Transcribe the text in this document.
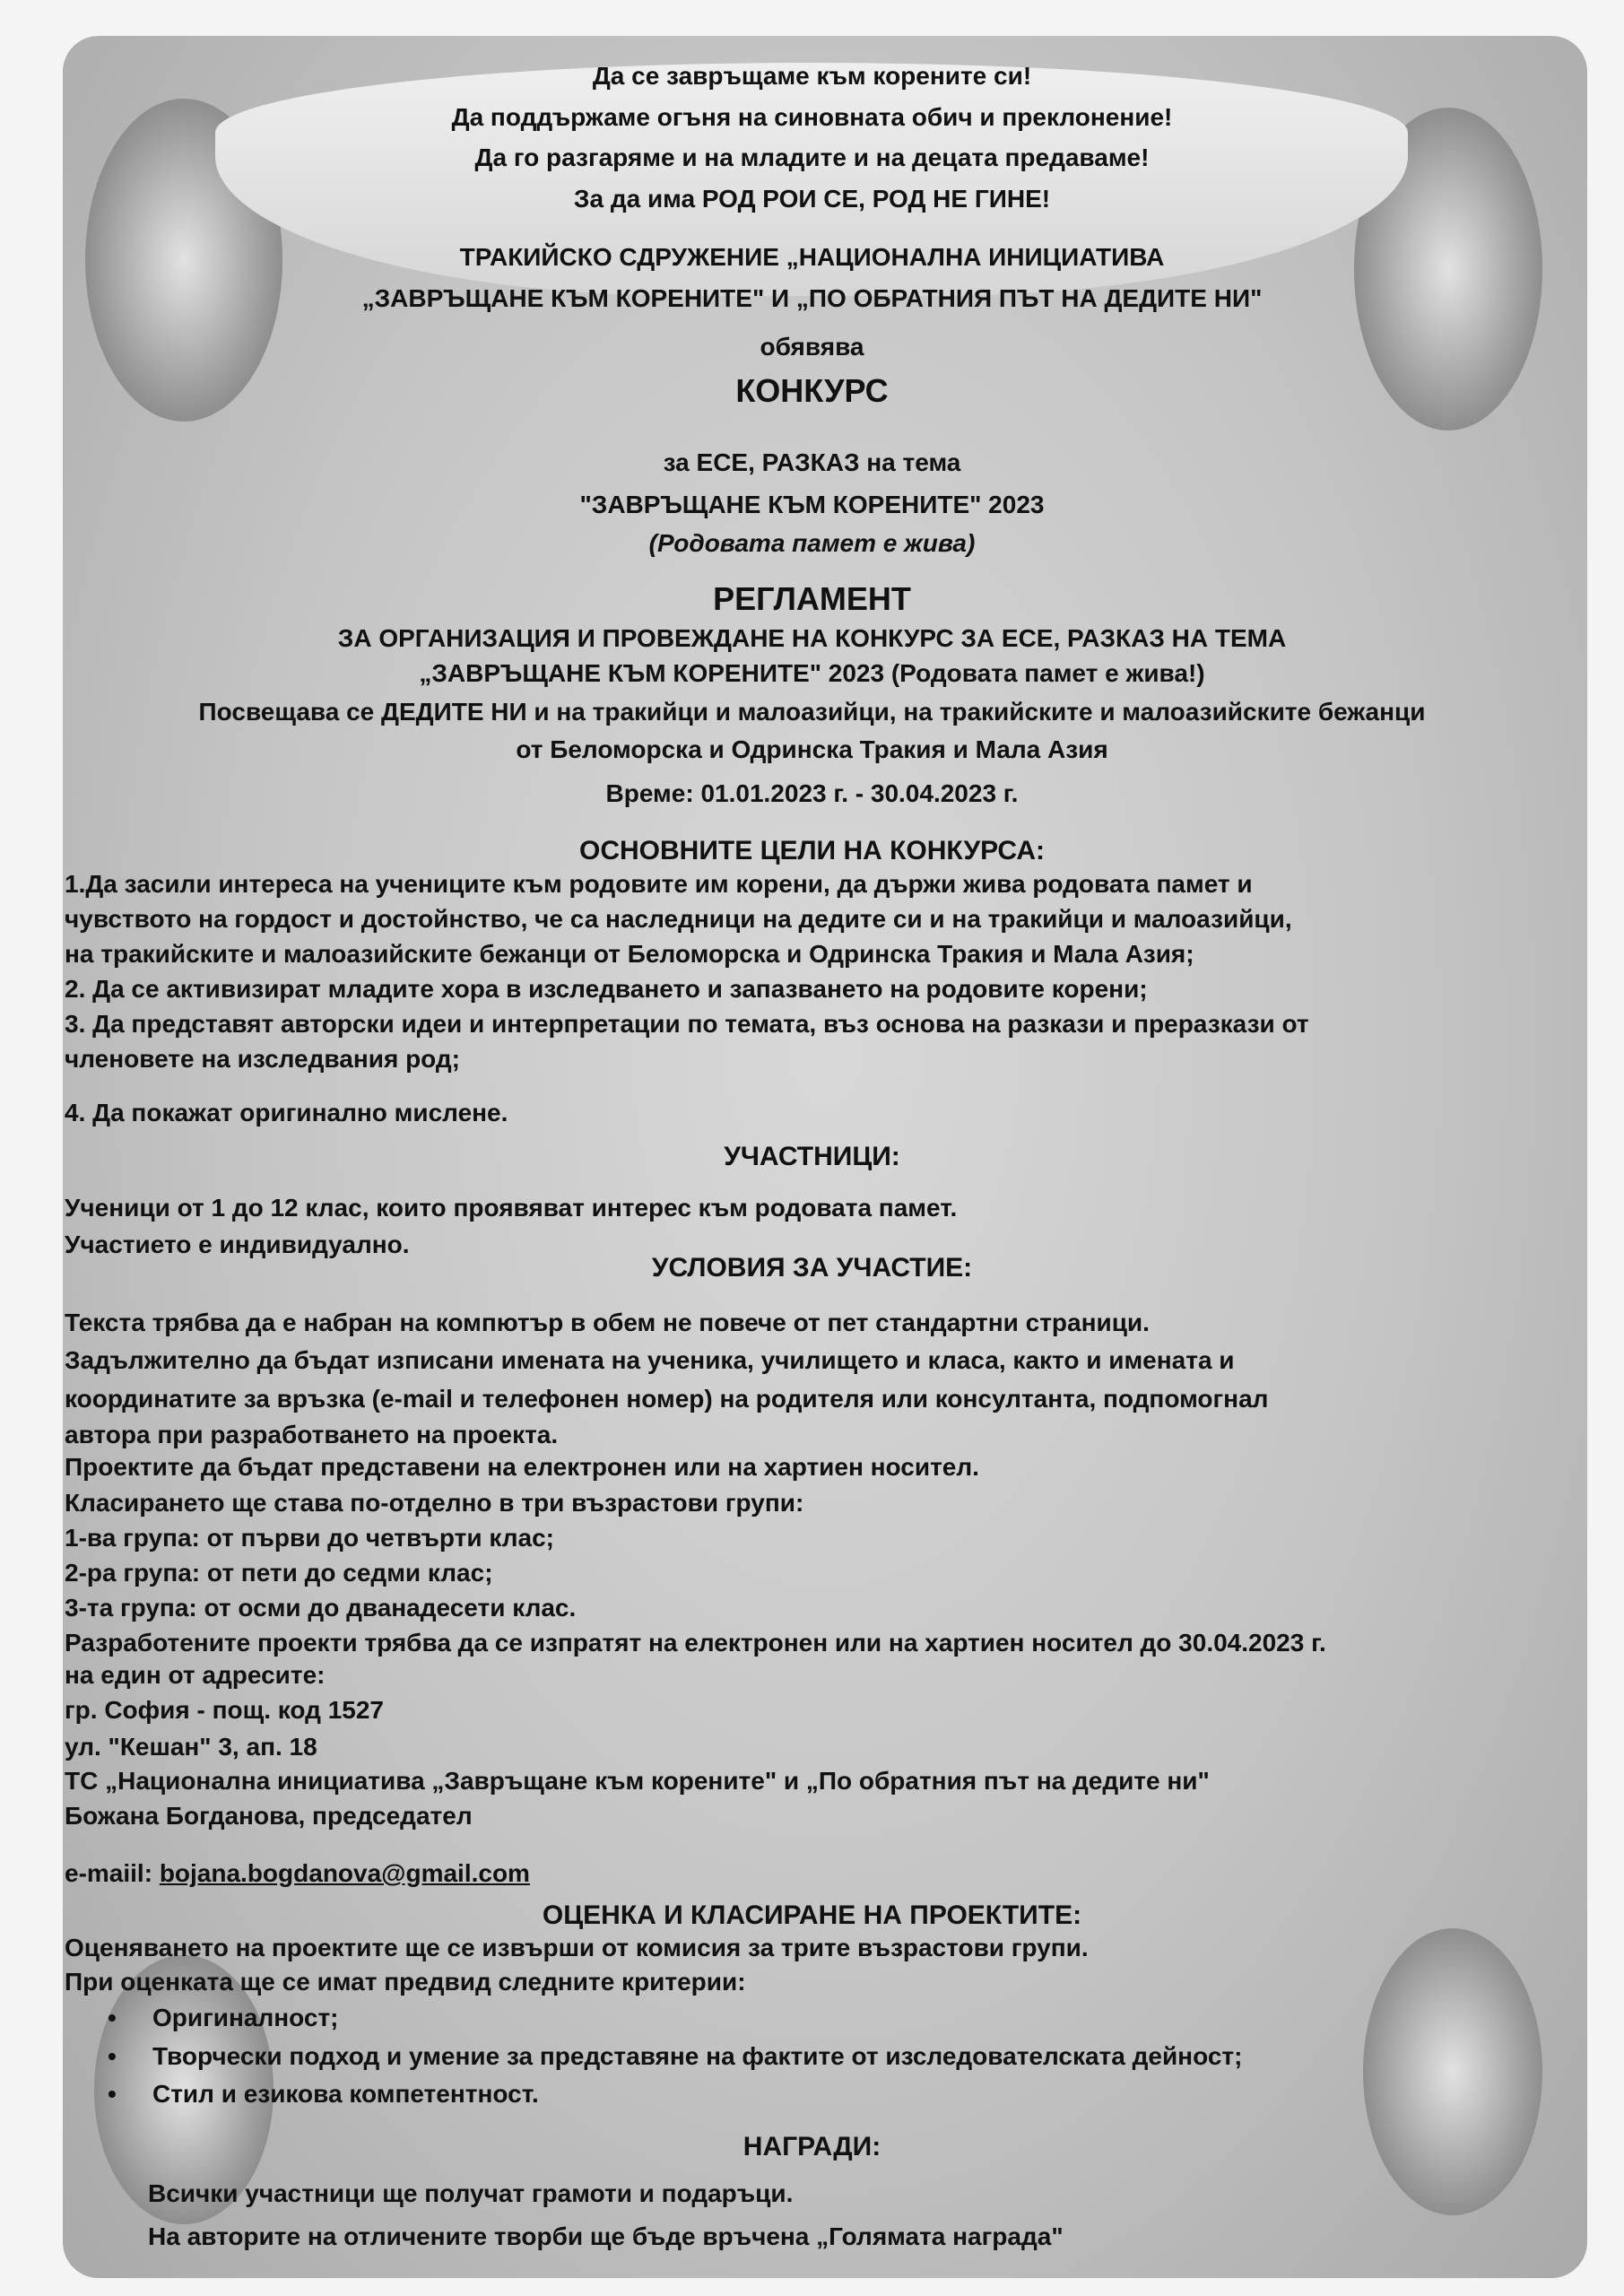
Да се завръщаме към корените си!
Да поддържаме огъня на синовната обич и преклонение!
Да го разгаряме и на младите и на децата предаваме!
За да има РОД РОИ СЕ, РОД НЕ ГИНЕ!
ТРАКИЙСКО СДРУЖЕНИЕ „НАЦИОНАЛНА ИНИЦИАТИВА
„ЗАВРЪЩАНЕ КЪМ КОРЕНИТЕ" И „ПО ОБРАТНИЯ ПЪТ НА ДЕДИТЕ НИ"
обявява
КОНКУРС
за ЕСЕ, РАЗКАЗ на тема
"ЗАВРЪЩАНЕ КЪМ КОРЕНИТЕ" 2023
(Родовата памет е жива)
РЕГЛАМЕНТ
ЗА ОРГАНИЗАЦИЯ И ПРОВЕЖДАНЕ НА КОНКУРС ЗА ЕСЕ, РАЗКАЗ НА ТЕМА
„ЗАВРЪЩАНЕ КЪМ КОРЕНИТЕ" 2023 (Родовата памет е жива!)
Посвещава се ДЕДИТЕ НИ и на тракийци и малоазийци, на тракийските и малоазийските бежанци
от Беломорска и Одринска Тракия и Мала Азия
Време: 01.01.2023 г. - 30.04.2023 г.
ОСНОВНИТЕ ЦЕЛИ НА КОНКУРСА:
1.Да засили интереса на учениците към родовите им корени, да държи жива родовата памет и
чувството на гордост и достойнство, че са наследници на дедите си и на тракийци и малоазийци,
на тракийските и малоазийските бежанци от Беломорска и Одринска Тракия и Мала Азия;
2. Да се активизират младите хора в изследването и запазването на родовите корени;
3. Да представят авторски идеи и интерпретации по темата, въз основа на разкази и преразкази от
членовете на изследвания род;
4. Да покажат оригинално мислене.
УЧАСТНИЦИ:
Ученици от 1 до 12 клас, които проявяват интерес към родовата памет.
Участието е индивидуално.
УСЛОВИЯ ЗА УЧАСТИЕ:
Текста трябва да е набран на компютър в обем не повече от пет стандартни страници.
Задължително да бъдат изписани имената на ученика, училището и класа, както и имената и
координатите за връзка (e-mail и телефонен номер) на родителя или консултанта, подпомогнал
автора при разработването на проекта.
Проектите да бъдат представени на електронен или на хартиен носител.
Класирането ще става по-отделно в три възрастови групи:
1-ва група: от първи до четвърти клас;
2-ра група: от пети до седми клас;
3-та група: от осми до дванадесети клас.
Разработените проекти трябва да се изпратят на електронен или на хартиен носител до 30.04.2023 г.
на един от адресите:
гр. София - пощ. код 1527
ул. "Кешан" 3, ап. 18
ТС „Национална инициатива „Завръщане към корените" и „По обратния път на дедите ни"
Божана Богданова, председател
e-maiil: bojana.bogdanova@gmail.com
ОЦЕНКА И КЛАСИРАНЕ НА ПРОЕКТИТЕ:
Оценяването на проектите ще се извърши от комисия за трите възрастови групи.
При оценката ще се имат предвид следните критерии:
• Оригиналност;
• Творчески подход и умение за представяне на фактите от изследователската дейност;
• Стил и езикова компетентност.
НАГРАДИ:
Всички участници ще получат грамоти и подаръци.
На авторите на отличените творби ще бъде връчена „Голямата награда"
